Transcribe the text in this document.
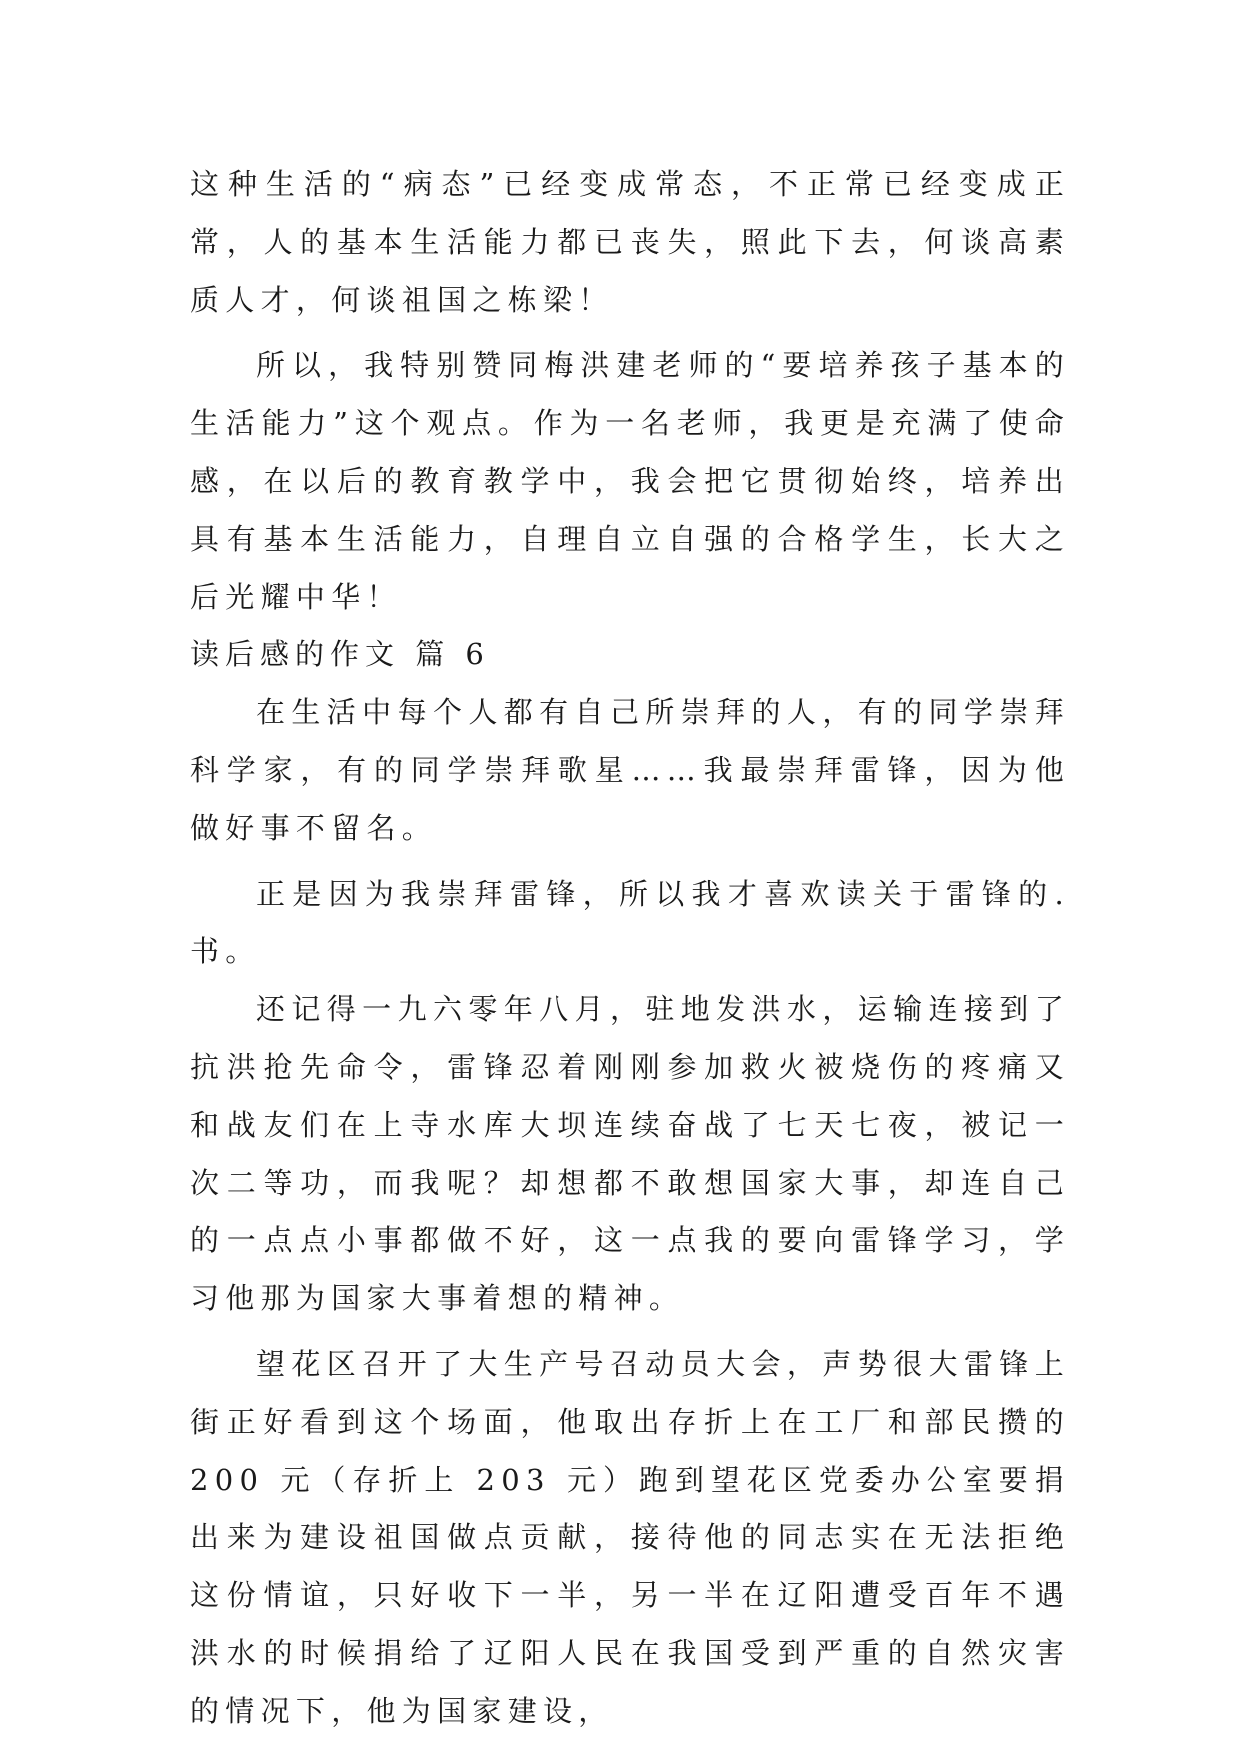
这种生活的“病态”已经变成常态，不正常已经变成正常，人的基本生活能力都已丧失，照此下去，何谈高素质人才，何谈祖国之栋梁！

所以，我特别赞同梅洪建老师的“要培养孩子基本的生活能力”这个观点。作为一名老师，我更是充满了使命感，在以后的教育教学中，我会把它贯彻始终，培养出具有基本生活能力，自理自立自强的合格学生，长大之后光耀中华！

读后感的作文 篇 6

在生活中每个人都有自己所崇拜的人，有的同学崇拜科学家，有的同学崇拜歌星……我最崇拜雷锋，因为他做好事不留名。

正是因为我崇拜雷锋，所以我才喜欢读关于雷锋的.书。

还记得一九六零年八月，驻地发洪水，运输连接到了抗洪抢先命令，雷锋忍着刚刚参加救火被烧伤的疼痛又和战友们在上寺水库大坝连续奋战了七天七夜，被记一次二等功，而我呢？却想都不敢想国家大事，却连自己的一点点小事都做不好，这一点我的要向雷锋学习，学习他那为国家大事着想的精神。

望花区召开了大生产号召动员大会，声势很大雷锋上街正好看到这个场面，他取出存折上在工厂和部民攒的 200 元（存折上 203 元）跑到望花区党委办公室要捐出来为建设祖国做点贡献，接待他的同志实在无法拒绝这份情谊，只好收下一半，另一半在辽阳遭受百年不遇洪水的时候捐给了辽阳人民在我国受到严重的自然灾害的情况下，他为国家建设，
